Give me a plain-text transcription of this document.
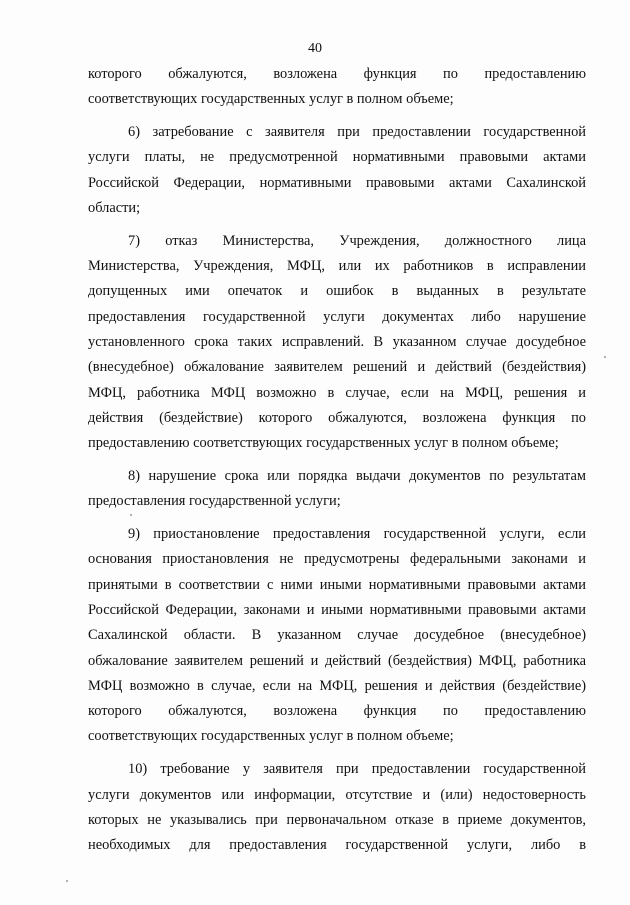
40
которого обжалуются, возложена функция по предоставлению
соответствующих государственных услуг в полном объеме;
6) затребование с заявителя при предоставлении государственной
услуги платы, не предусмотренной нормативными правовыми актами
Российской Федерации, нормативными правовыми актами Сахалинской
области;
7) отказ Министерства, Учреждения, должностного лица
Министерства, Учреждения, МФЦ, или их работников в исправлении
допущенных ими опечаток и ошибок в выданных в результате
предоставления государственной услуги документах либо нарушение
установленного срока таких исправлений. В указанном случае досудебное
(внесудебное) обжалование заявителем решений и действий (бездействия)
МФЦ, работника МФЦ возможно в случае, если на МФЦ, решения и
действия (бездействие) которого обжалуются, возложена функция по
предоставлению соответствующих государственных услуг в полном объеме;
8) нарушение срока или порядка выдачи документов по результатам
предоставления государственной услуги;
9) приостановление предоставления государственной услуги, если
основания приостановления не предусмотрены федеральными законами и
принятыми в соответствии с ними иными нормативными правовыми актами
Российской Федерации, законами и иными нормативными правовыми актами
Сахалинской области. В указанном случае досудебное (внесудебное)
обжалование заявителем решений и действий (бездействия) МФЦ, работника
МФЦ возможно в случае, если на МФЦ, решения и действия (бездействие)
которого обжалуются, возложена функция по предоставлению
соответствующих государственных услуг в полном объеме;
10) требование у заявителя при предоставлении государственной
услуги документов или информации, отсутствие и (или) недостоверность
которых не указывались при первоначальном отказе в приеме документов,
необходимых для предоставления государственной услуги, либо в
